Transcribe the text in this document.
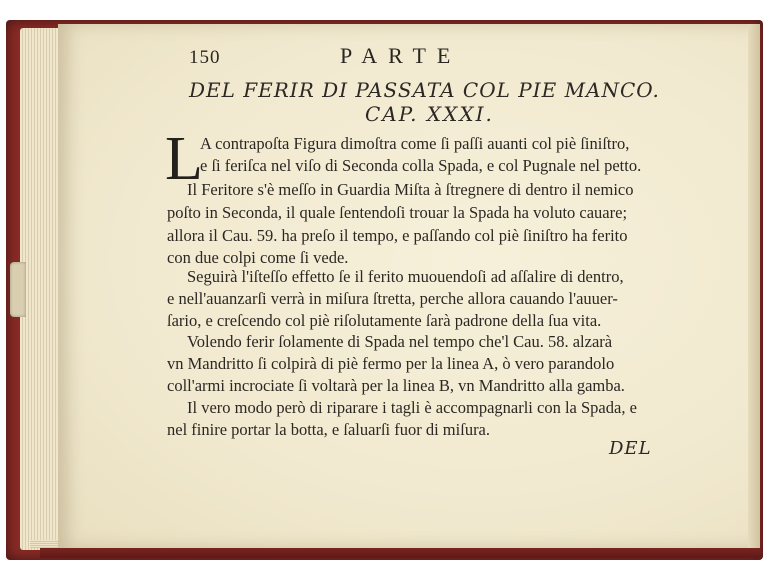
150	PARTE
DEL FERIR DI PASSATA COL PIE MANCO.
CAP. XXXI.
L
A contrapoſta Figura dimoſtra come ſi paſſi auanti col piè ſiniſtro,
e ſi feriſca nel viſo di Seconda colla Spada, e col Pugnale nel petto.
Il Feritore s'è meſſo in Guardia Miſta à ſtregnere di dentro il nemico
poſto in Seconda, il quale ſentendoſi trouar la Spada ha voluto cauare;
allora il Cau. 59. ha preſo il tempo, e paſſando col piè ſiniſtro ha ferito
con due colpi come ſi vede.
Seguirà l'iſteſſo effetto ſe il ferito muouendoſi ad aſſalire di dentro,
e nell'auanzarſi verrà in miſura ſtretta, perche allora cauando l'auuer-
ſario, e creſcendo col piè riſolutamente ſarà padrone della ſua vita.
Volendo ferir ſolamente di Spada nel tempo che'l Cau. 58. alzarà
vn Mandritto ſi colpirà di piè fermo per la linea A, ò vero parandolo
coll'armi incrociate ſi voltarà per la linea B, vn Mandritto alla gamba.
Il vero modo però di riparare i tagli è accompagnarli con la Spada, e
nel finire portar la botta, e ſaluarſi fuor di miſura.
DEL
